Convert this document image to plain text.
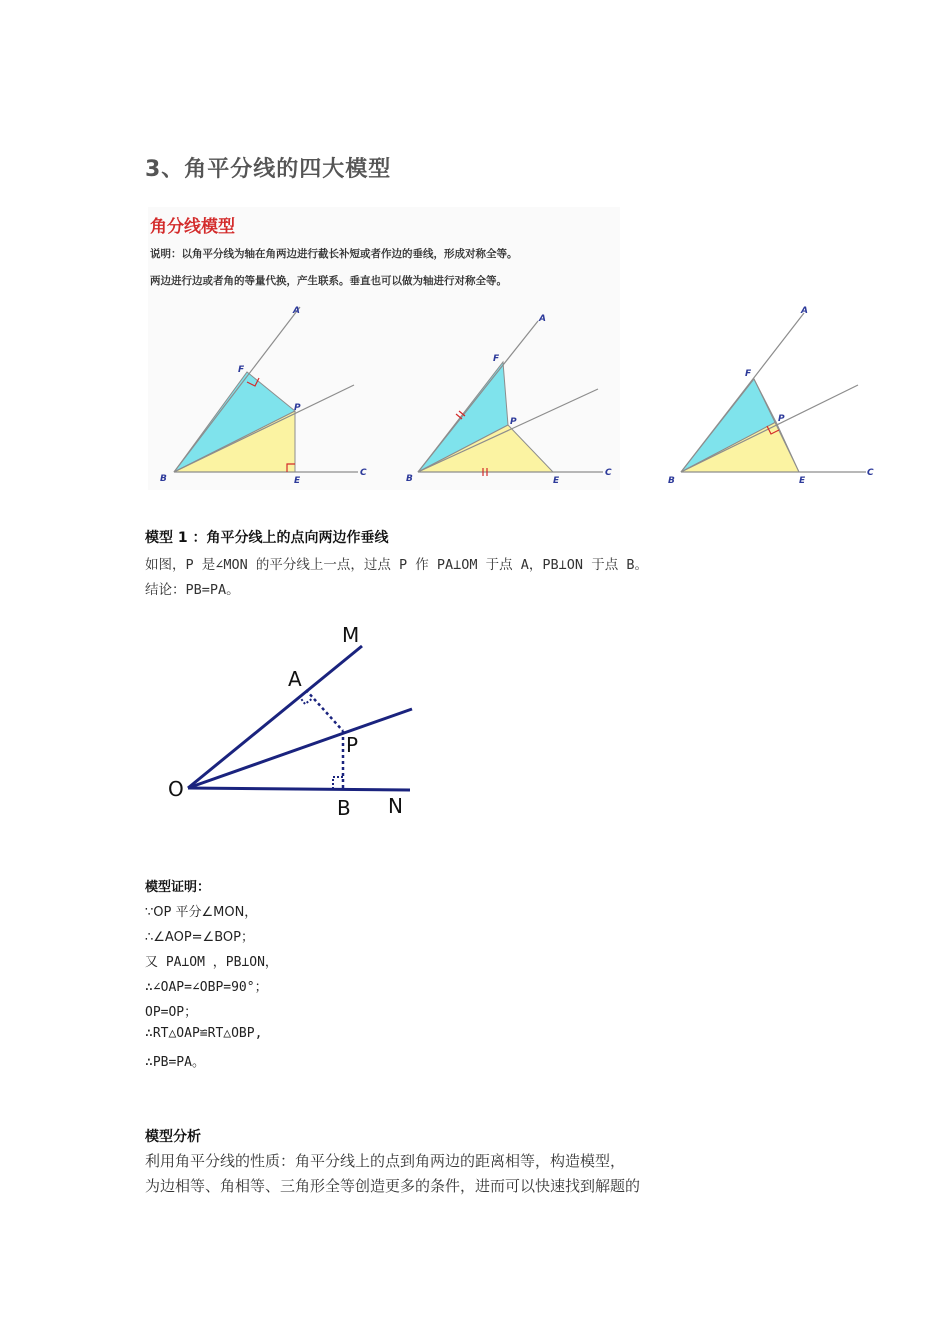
3、角平分线的四大模型
角分线模型
说明：以角平分线为轴在角两边进行截长补短或者作边的垂线，形成对称全等。
两边进行边或者角的等量代换，产生联系。垂直也可以做为轴进行对称全等。
B
A
F
P
E
C
B
A
F
P
E
C
B
A
F
P
E
C
模型 1 ：角平分线上的点向两边作垂线
如图，P 是∠MON 的平分线上一点，过点 P 作 PA⊥OM 于点 A，PB⊥ON 于点 B。
结论：PB=PA。
M
A
P
O
B N
模型证明：
∵OP 平分∠MON，
∴∠AOP=∠BOP；
又 PA⊥OM ，PB⊥ON，
∴∠OAP=∠OBP=90°；
OP=OP；
∴RT△OAP≌RT△OBP,
∴PB=PA。
模型分析
利用角平分线的性质：角平分线上的点到角两边的距离相等，构造模型，
为边相等、角相等、三角形全等创造更多的条件，进而可以快速找到解题的
